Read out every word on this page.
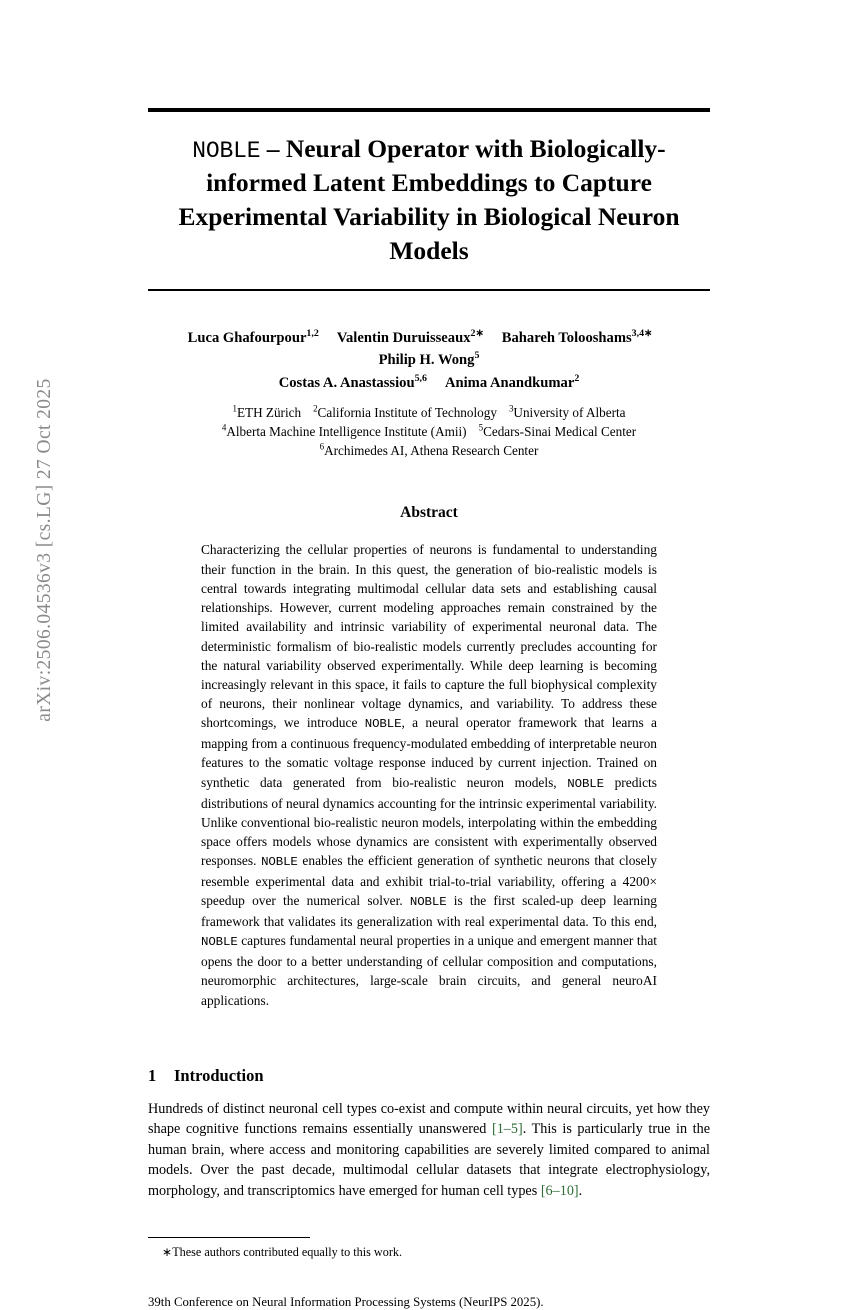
arXiv:2506.04536v3 [cs.LG] 27 Oct 2025
NOBLE – Neural Operator with Biologically-informed Latent Embeddings to Capture Experimental Variability in Biological Neuron Models
Luca Ghafourpour$^{1,2}$ Valentin Duruisseaux$^{2∗}$ Bahareh Tolooshams$^{3,4∗}$Philip H. Wong$^5$
Costas A. Anastassiou$^{5,6}$ Anima Anandkumar$^2$
$^1$ETH Zürich $^2$California Institute of Technology $^3$University of Alberta
$^4$Alberta Machine Intelligence Institute (Amii) $^5$Cedars-Sinai Medical Center
$^6$Archimedes AI, Athena Research Center
Abstract
Characterizing the cellular properties of neurons is fundamental to understanding their function in the brain. In this quest, the generation of bio-realistic models is central towards integrating multimodal cellular data sets and establishing causal relationships. However, current modeling approaches remain constrained by the limited availability and intrinsic variability of experimental neuronal data. The deterministic formalism of bio-realistic models currently precludes accounting for the natural variability observed experimentally. While deep learning is becoming increasingly relevant in this space, it fails to capture the full biophysical complexity of neurons, their nonlinear voltage dynamics, and variability. To address these shortcomings, we introduce NOBLE, a neural operator framework that learns a mapping from a continuous frequency-modulated embedding of interpretable neuron features to the somatic voltage response induced by current injection. Trained on synthetic data generated from bio-realistic neuron models, NOBLE predicts distributions of neural dynamics accounting for the intrinsic experimental variability. Unlike conventional bio-realistic neuron models, interpolating within the embedding space offers models whose dynamics are consistent with experimentally observed responses. NOBLE enables the efficient generation of synthetic neurons that closely resemble experimental data and exhibit trial-to-trial variability, offering a 4200× speedup over the numerical solver. NOBLE is the first scaled-up deep learning framework that validates its generalization with real experimental data. To this end, NOBLE captures fundamental neural properties in a unique and emergent manner that opens the door to a better understanding of cellular composition and computations, neuromorphic architectures, large-scale brain circuits, and general neuroAI applications.
1 Introduction
Hundreds of distinct neuronal cell types co-exist and compute within neural circuits, yet how they shape cognitive functions remains essentially unanswered [1–5]. This is particularly true in the human brain, where access and monitoring capabilities are severely limited compared to animal models. Over the past decade, multimodal cellular datasets that integrate electrophysiology, morphology, and transcriptomics have emerged for human cell types [6–10].
∗These authors contributed equally to this work.
39th Conference on Neural Information Processing Systems (NeurIPS 2025).
